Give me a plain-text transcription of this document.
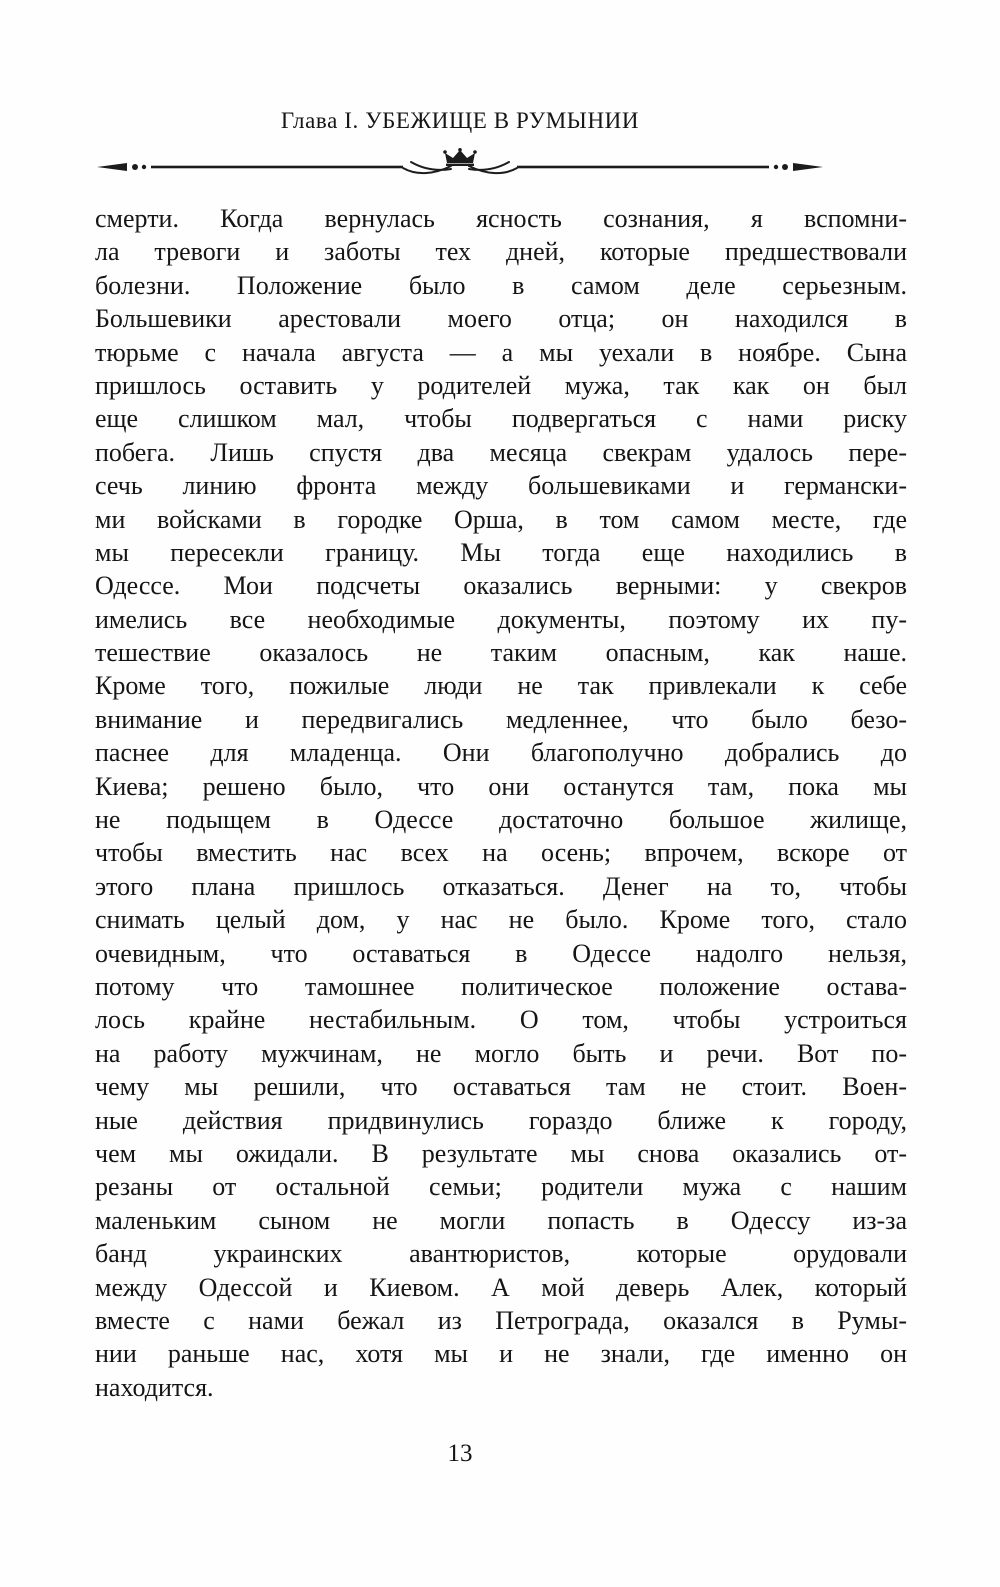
Глава I. УБЕЖИЩЕ В РУМЫНИИ
смерти. Когда вернулась ясность сознания, я вспомни-
ла тревоги и заботы тех дней, которые предшествовали
болезни. Положение было в самом деле серьезным.
Большевики арестовали моего отца; он находился в
тюрьме с начала августа — а мы уехали в ноябре. Сына
пришлось оставить у родителей мужа, так как он был
еще слишком мал, чтобы подвергаться с нами риску
побега. Лишь спустя два месяца свекрам удалось пере-
сечь линию фронта между большевиками и германски-
ми войсками в городке Орша, в том самом месте, где
мы пересекли границу. Мы тогда еще находились в
Одессе. Мои подсчеты оказались верными: у свекров
имелись все необходимые документы, поэтому их пу-
тешествие оказалось не таким опасным, как наше.
Кроме того, пожилые люди не так привлекали к себе
внимание и передвигались медленнее, что было безо-
паснее для младенца. Они благополучно добрались до
Киева; решено было, что они останутся там, пока мы
не подыщем в Одессе достаточно большое жилище,
чтобы вместить нас всех на осень; впрочем, вскоре от
этого плана пришлось отказаться. Денег на то, чтобы
снимать целый дом, у нас не было. Кроме того, стало
очевидным, что оставаться в Одессе надолго нельзя,
потому что тамошнее политическое положение остава-
лось крайне нестабильным. О том, чтобы устроиться
на работу мужчинам, не могло быть и речи. Вот по-
чему мы решили, что оставаться там не стоит. Воен-
ные действия придвинулись гораздо ближе к городу,
чем мы ожидали. В результате мы снова оказались от-
резаны от остальной семьи; родители мужа с нашим
маленьким сыном не могли попасть в Одессу из-за
банд украинских авантюристов, которые орудовали
между Одессой и Киевом. А мой деверь Алек, который
вместе с нами бежал из Петрограда, оказался в Румы-
нии раньше нас, хотя мы и не знали, где именно он
находится.
13
